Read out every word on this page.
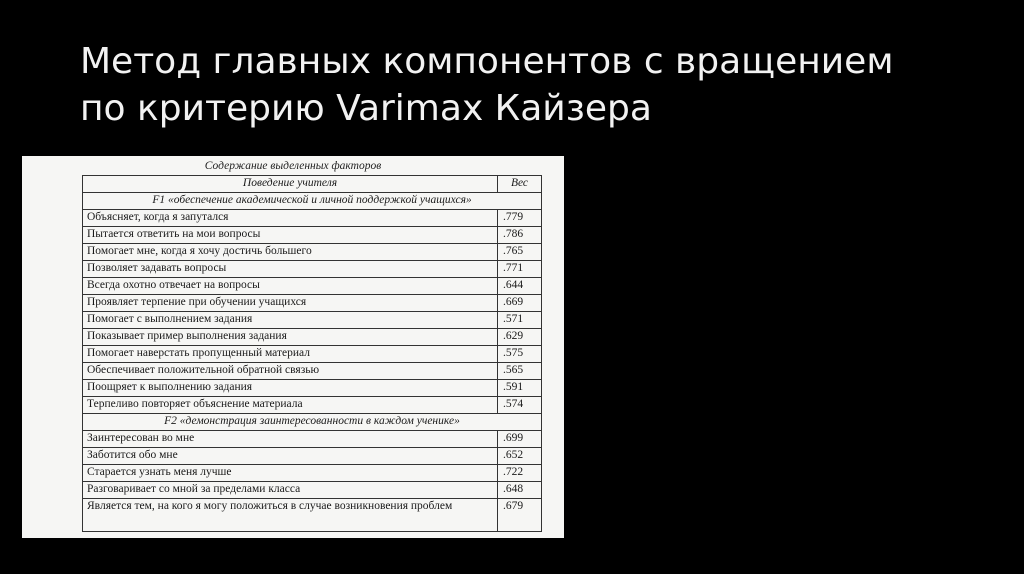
Метод главных компонентов с вращением
по критерию Varimax Кайзера
Содержание выделенных факторов
Поведение учителя	Вес
F1 «обеспечение академической и личной поддержкой учащихся»	
Объясняет, когда я запутался	.779
Пытается ответить на мои вопросы	.786
Помогает мне, когда я хочу достичь большего	.765
Позволяет задавать вопросы	.771
Всегда охотно отвечает на вопросы	.644
Проявляет терпение при обучении учащихся	.669
Помогает с выполнением задания	.571
Показывает пример выполнения задания	.629
Помогает наверстать пропущенный материал	.575
Обеспечивает положительной обратной связью	.565
Поощряет к выполнению задания	.591
Терпеливо повторяет объяснение материала	.574
F2 «демонстрация заинтересованности в каждом ученике»	
Заинтересован во мне	.699
Заботится обо мне	.652
Старается узнать меня лучше	.722
Разговаривает со мной за пределами класса	.648
Является тем, на кого я могу положиться в случае возникновения проблем	.679
